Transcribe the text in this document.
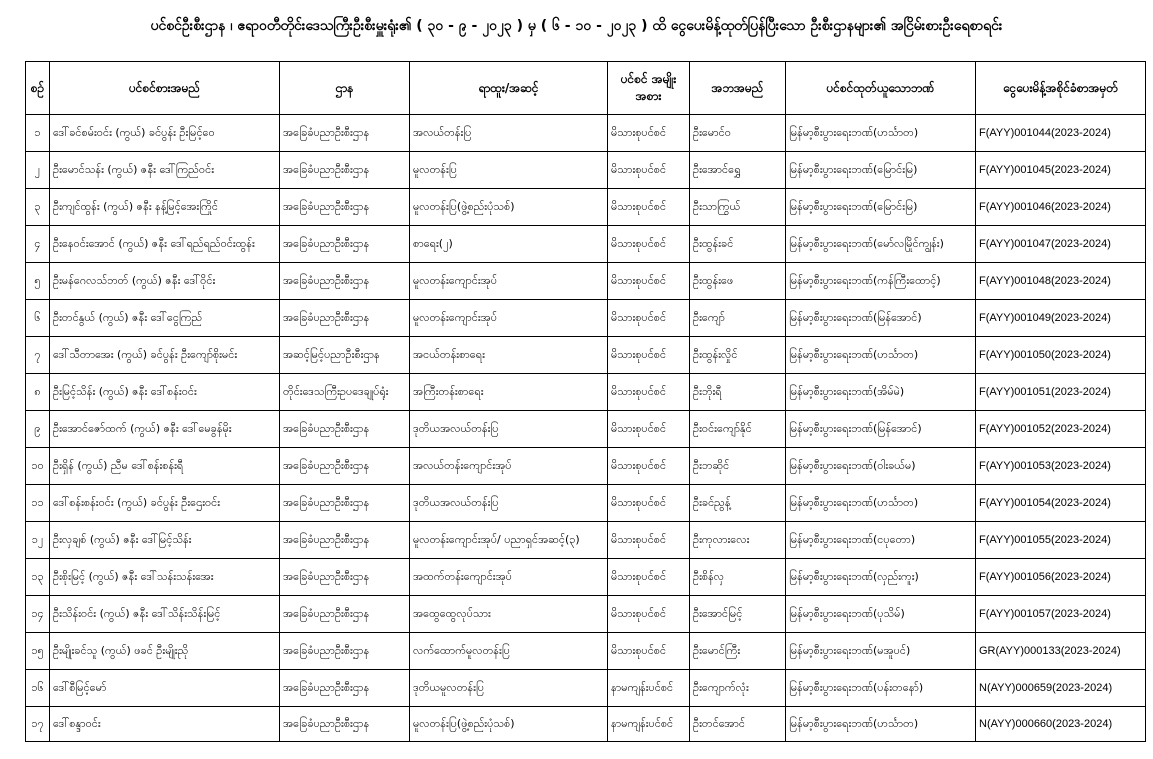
ပင်စင်ဦးစီးဌာန ၊ ဧရာဝတီတိုင်းဒေသကြီးဦးစီးမှူးရုံး၏ ( ၃၀ - ၉ - ၂၀၂၃ ) မှ ( ၆ - ၁၀ - ၂၀၂၃ ) ထိ ငွေပေးမိန့်ထုတ်ပြန်ပြီးသော ဦးစီးဌာနများ၏ အငြိမ်းစားဦးရေစာရင်း
စဉ်	ပင်စင်စားအမည်	ဌာန	ရာထူး/အဆင့်	ပင်စင် အမျိုးအစား	အဘအမည်	ပင်စင်ထုတ်ယူသောဘဏ်	ငွေပေးမိန့်အစိုင်ခံစာအမှတ်
၁	ဒေါ်ခင်စမ်းဝင်း (ကွယ်) ခင်ပွန်း ဦးမြင့်ဝေ	အခြေခံပညာဦးစီးဌာန	အလယ်တန်းပြ	မိသားစုပင်စင်	ဦးမောင်ဝ	မြန်မာ့စီးပွားရေးဘဏ်(ဟင်္သာတ)	F(AYY)001044(2023-2024)
၂	ဦးမောင်သန်း (ကွယ်) ဇနီး ဒေါ်ကြည်ဝင်း	အခြေခံပညာဦးစီးဌာန	မူလတန်းပြ	မိသားစုပင်စင်	ဦးအောင်ရွှေ	မြန်မာ့စီးပွားရေးဘဏ်(မြောင်းမြ)	F(AYY)001045(2023-2024)
၃	ဦးကျင်ထွန်း (ကွယ်) ဇနီး နန့်မြင့်အေးကြိုင်	အခြေခံပညာဦးစီးဌာန	မူလတန်းပြ(ဖွဲ့စည်းပုံသစ်)	မိသားစုပင်စင်	ဦးသာကြွယ်	မြန်မာ့စီးပွားရေးဘဏ်(မြောင်းမြ)	F(AYY)001046(2023-2024)
၄	ဦးနေဝင်းအောင် (ကွယ်) ဇနီး ဒေါ်ရည်ရည်ဝင်းထွန်း	အခြေခံပညာဦးစီးဌာန	စာရေး(၂)	မိသားစုပင်စင်	ဦးထွန်းခင်	မြန်မာ့စီးပွားရေးဘဏ်(မော်လမြိုင်ကျွန်း)	F(AYY)001047(2023-2024)
၅	ဦးမန်ဂေလသ်ဘတ် (ကွယ်) ဇနီး ဒေါ်ဝိုင်း	အခြေခံပညာဦးစီးဌာန	မူလတန်းကျောင်းအုပ်	မိသားစုပင်စင်	ဦးထွန်းဖေ	မြန်မာ့စီးပွားရေးဘဏ်(ကန်ကြီးထောင့်)	F(AYY)001048(2023-2024)
၆	ဦးတင်နွယ် (ကွယ်) ဇနီး ဒေါ်ငွေကြည်	အခြေခံပညာဦးစီးဌာန	မူလတန်းကျောင်းအုပ်	မိသားစုပင်စင်	ဦးကျော်	မြန်မာ့စီးပွားရေးဘဏ်(မြန်အောင်)	F(AYY)001049(2023-2024)
၇	ဒေါ်သီတာအေး (ကွယ်) ခင်ပွန်း ဦးကျော်စိုးမင်း	အဆင့်မြင့်ပညာဦးစီးဌာန	အငယ်တန်းစာရေး	မိသားစုပင်စင်	ဦးထွန်းလှိုင်	မြန်မာ့စီးပွားရေးဘဏ်(ဟင်္သာတ)	F(AYY)001050(2023-2024)
၈	ဦးမြင့်သိန်း (ကွယ်) ဇနီး ဒေါ်စန်းဝင်း	တိုင်းဒေသကြီးဥပဒေချုပ်ရုံး	အကြီးတန်းစာရေး	မိသားစုပင်စင်	ဦးဘိုးရီ	မြန်မာ့စီးပွားရေးဘဏ်(အိမ်မဲ)	F(AYY)001051(2023-2024)
၉	ဦးအောင်ဇော်ထက် (ကွယ်) ဇနီး ဒေါ်မေခွန်မိုး	အခြေခံပညာဦးစီးဌာန	ဒုတိယအလယ်တန်းပြ	မိသားစုပင်စင်	ဦးဝင်းကျော်နိုင်	မြန်မာ့စီးပွားရေးဘဏ်(မြန်အောင်)	F(AYY)001052(2023-2024)
၁၀	ဦးရှိန် (ကွယ်) ညီမ ဒေါ်စန်းစန်းရီ	အခြေခံပညာဦးစီးဌာန	အလယ်တန်းကျောင်းအုပ်	မိသားစုပင်စင်	ဦးဘဆိုင်	မြန်မာ့စီးပွားရေးဘဏ်(ဝါးခယ်မ)	F(AYY)001053(2023-2024)
၁၁	ဒေါ်စန်းစန်းဝင်း (ကွယ်) ခင်ပွန်း ဦးဌေးဝင်း	အခြေခံပညာဦးစီးဌာန	ဒုတိယအလယ်တန်းပြ	မိသားစုပင်စင်	ဦးခင်ညွန့်	မြန်မာ့စီးပွားရေးဘဏ်(ဟင်္သာတ)	F(AYY)001054(2023-2024)
၁၂	ဦးလှချစ် (ကွယ်) ဇနီး ဒေါ်မြင့်သိန်း	အခြေခံပညာဦးစီးဌာန	မူလတန်းကျောင်းအုပ်/ ပညာရှင်အဆင့်(၃)	မိသားစုပင်စင်	ဦးကုလားလေး	မြန်မာ့စီးပွားရေးဘဏ်(ငပုတော)	F(AYY)001055(2023-2024)
၁၃	ဦးစိုးမြင့် (ကွယ်) ဇနီး ဒေါ်သန်းသန်းအေး	အခြေခံပညာဦးစီးဌာန	အထက်တန်းကျောင်းအုပ်	မိသားစုပင်စင်	ဦးစိန်လှ	မြန်မာ့စီးပွားရေးဘဏ်(လှည်းကူး)	F(AYY)001056(2023-2024)
၁၄	ဦးသိန်းဝင်း (ကွယ်) ဇနီး ဒေါ်သိန်းသိန်းမြင့်	အခြေခံပညာဦးစီးဌာန	အထွေထွေလုပ်သား	မိသားစုပင်စင်	ဦးအောင်မြင့်	မြန်မာ့စီးပွားရေးဘဏ်(ပုသိမ်)	F(AYY)001057(2023-2024)
၁၅	ဦးမျိုးခင်သူ (ကွယ်) ဖခင် ဦးမျိုးညို	အခြေခံပညာဦးစီးဌာန	လက်ထောက်မူလတန်းပြ	မိသားစုပင်စင်	ဦးမောင်ကြီး	မြန်မာ့စီးပွားရေးဘဏ်(မအူပင်)	GR(AYY)000133(2023-2024)
၁၆	ဒေါ်စီမြင့်မော်	အခြေခံပညာဦးစီးဌာန	ဒုတိယမူလတန်းပြ	နာမကျန်းပင်စင်	ဦးကျောက်လုံး	မြန်မာ့စီးပွားရေးဘဏ်(ပန်းတနော်)	N(AYY)000659(2023-2024)
၁၇	ဒေါ်စန္ဒာဝင်း	အခြေခံပညာဦးစီးဌာန	မူလတန်းပြ(ဖွဲ့စည်းပုံသစ်)	နာမကျန်းပင်စင်	ဦးတင်အောင်	မြန်မာ့စီးပွားရေးဘဏ်(ဟင်္သာတ)	N(AYY)000660(2023-2024)
